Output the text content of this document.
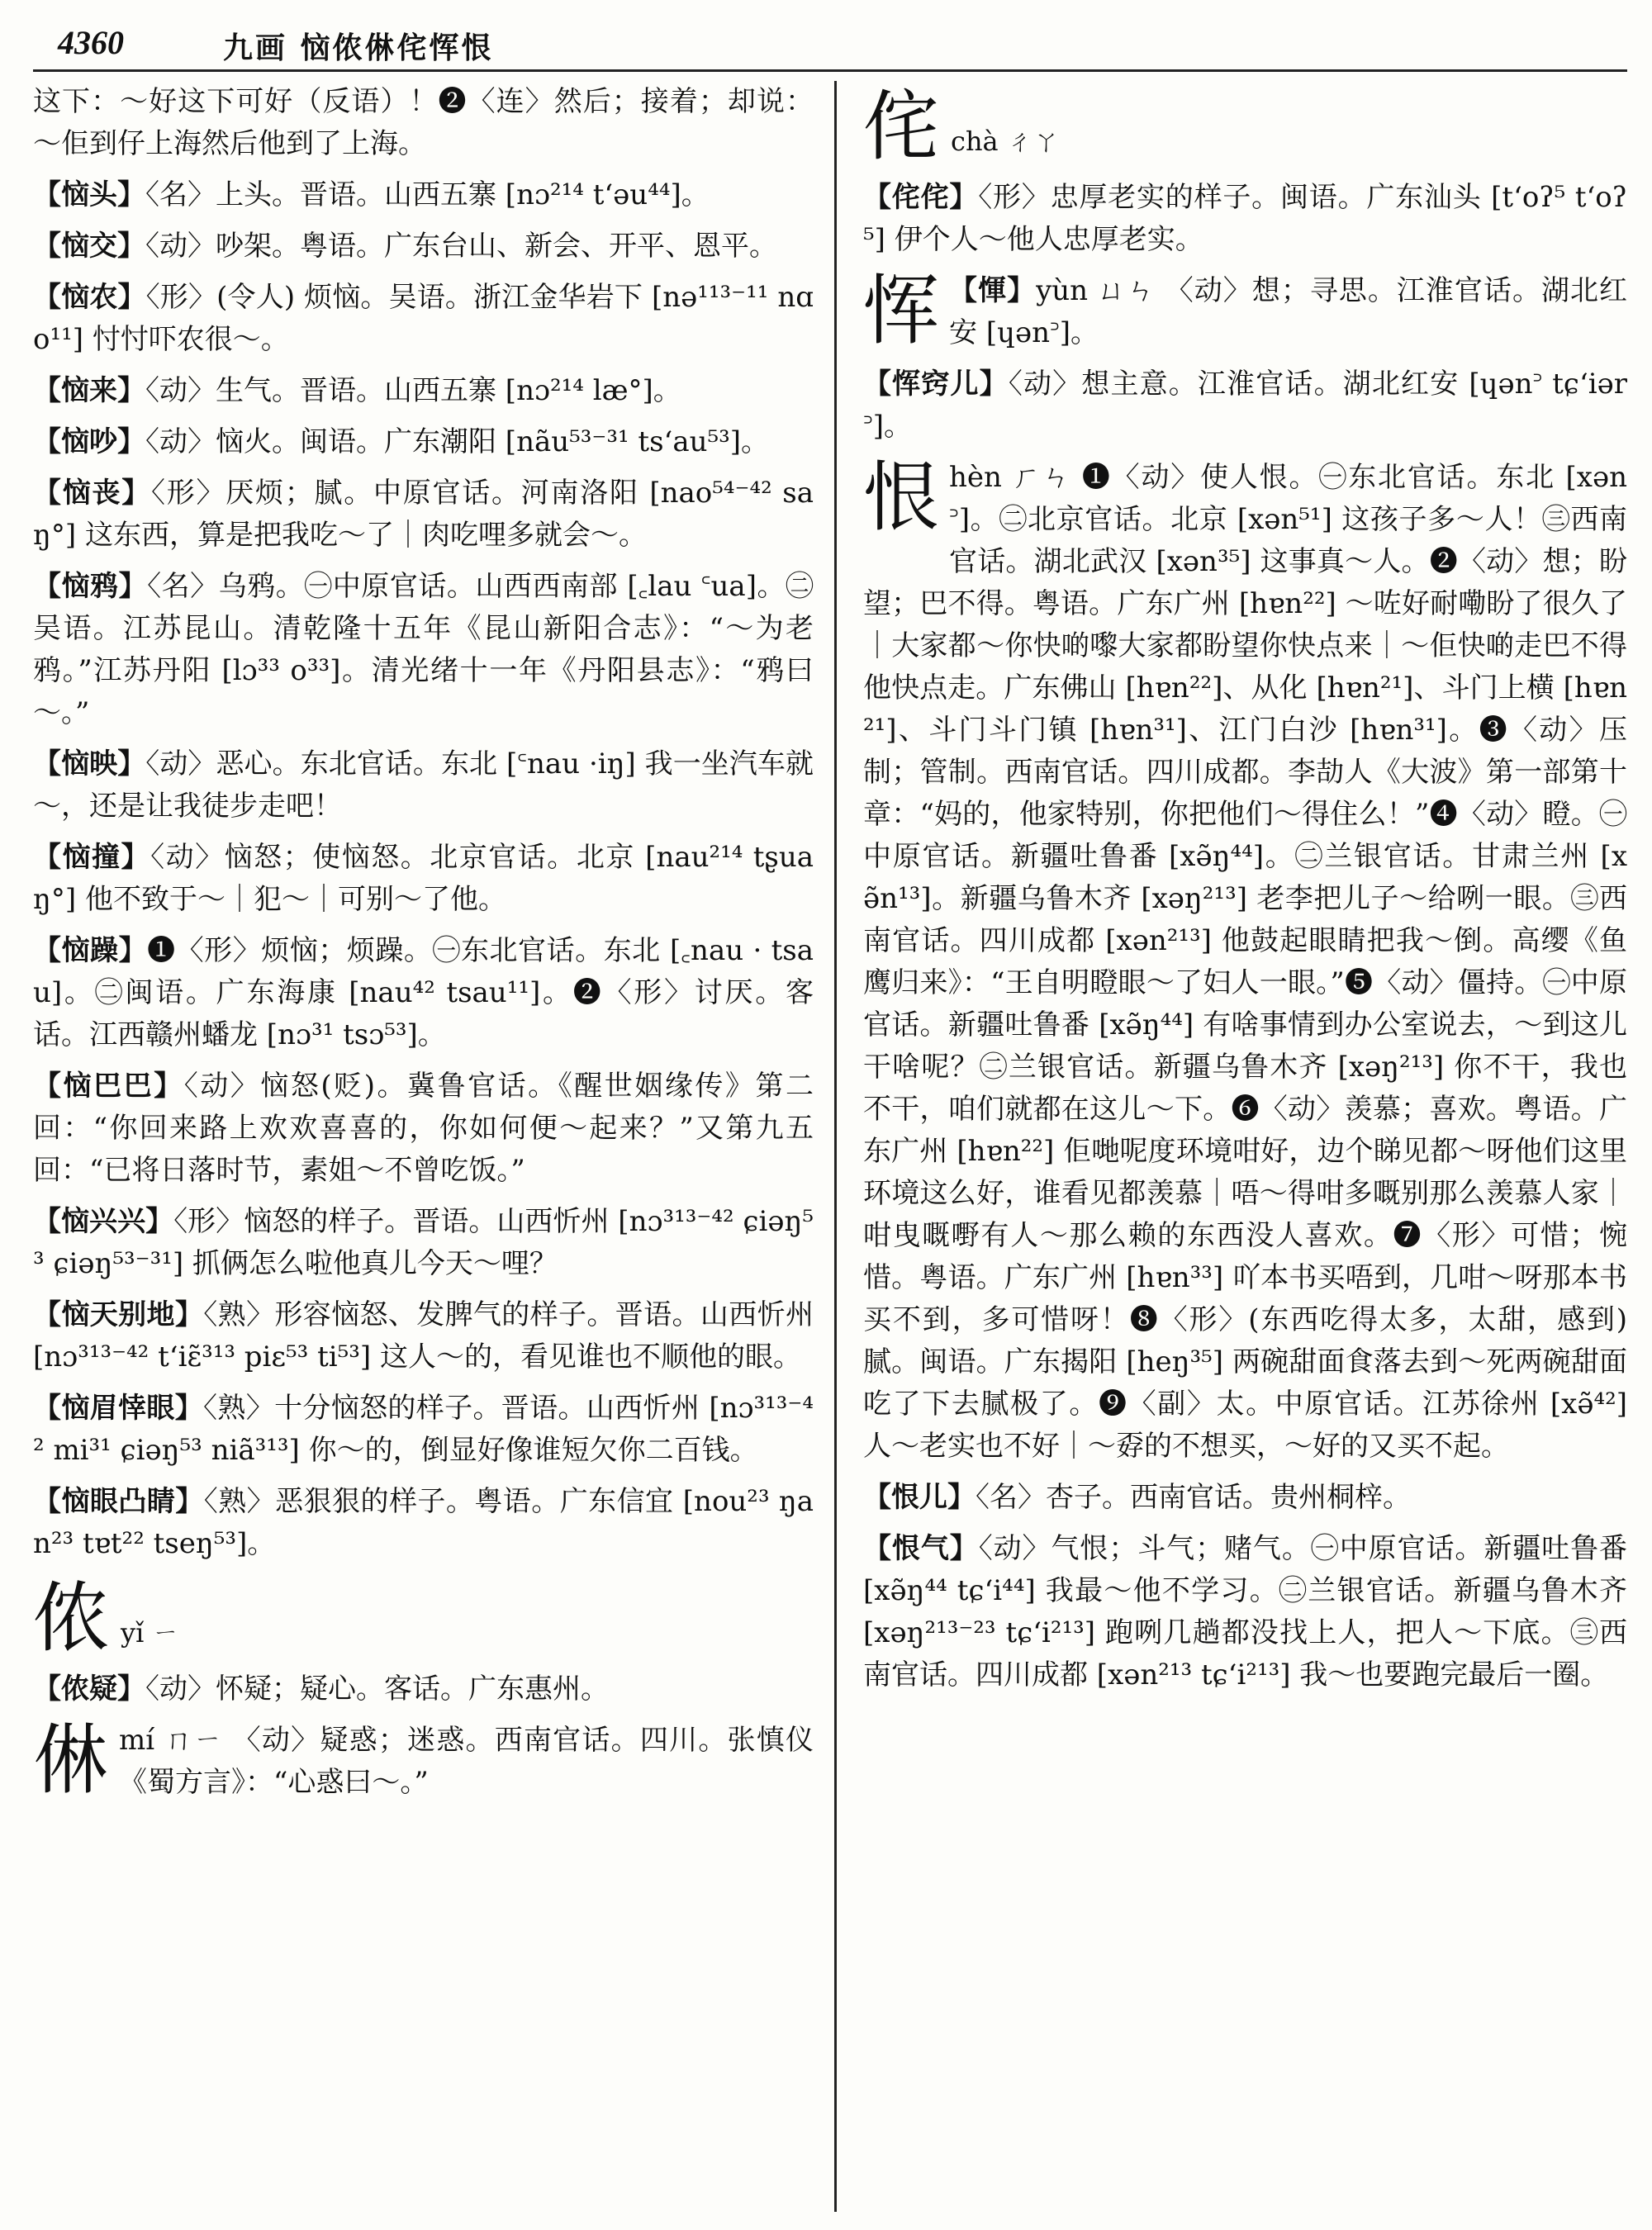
4360	九画 恼侬㑣侘恽恨
这下：～好这下可好（反语）！❷〈连〉然后；接着；却说：～佢到仔上海然后他到了上海。
【恼头】〈名〉上头。晋语。山西五寨 [nɔ²¹⁴ tʻəu⁴⁴]。
【恼交】〈动〉吵架。粤语。广东台山、新会、开平、恩平。
【恼农】〈形〉(令人) 烦恼。吴语。浙江金华岩下 [nə¹¹³⁻¹¹ nɑo¹¹] 忖忖吓农很～。
【恼来】〈动〉生气。晋语。山西五寨 [nɔ²¹⁴ læ°]。
【恼吵】〈动〉恼火。闽语。广东潮阳 [nãu⁵³⁻³¹ tsʻau⁵³]。
【恼丧】〈形〉厌烦；腻。中原官话。河南洛阳 [nao⁵⁴⁻⁴² saŋ°] 这东西，算是把我吃～了｜肉吃哩多就会～。
【恼鸦】〈名〉乌鸦。㊀中原官话。山西西南部 [꜀lau ꜂ua]。㊁吴语。江苏昆山。清乾隆十五年《昆山新阳合志》：“～为老鸦。”江苏丹阳 [lɔ³³ o³³]。清光绪十一年《丹阳县志》：“鸦曰～。”
【恼映】〈动〉恶心。东北官话。东北 [꜂nau ·iŋ] 我一坐汽车就～，还是让我徒步走吧！
【恼撞】〈动〉恼怒；使恼怒。北京官话。北京 [nau²¹⁴ tʂuaŋ°] 他不致于～｜犯～｜可别～了他。
【恼躁】❶〈形〉烦恼；烦躁。㊀东北官话。东北 [꜀nau · tsau]。㊁闽语。广东海康 [nau⁴² tsau¹¹]。❷〈形〉讨厌。客话。江西赣州蟠龙 [nɔ³¹ tsɔ⁵³]。
【恼巴巴】〈动〉恼怒(贬)。冀鲁官话。《醒世姻缘传》第二回：“你回来路上欢欢喜喜的，你如何便～起来？”又第九五回：“已将日落时节，素姐～不曾吃饭。”
【恼兴兴】〈形〉恼怒的样子。晋语。山西忻州 [nɔ³¹³⁻⁴² ɕiəŋ⁵³ ɕiəŋ⁵³⁻³¹] 抓俩怎么啦他真儿今天～哩？
【恼天别地】〈熟〉形容恼怒、发脾气的样子。晋语。山西忻州 [nɔ³¹³⁻⁴² tʻiɛ̃³¹³ piɛ⁵³ ti⁵³] 这人～的，看见谁也不顺他的眼。
【恼眉悻眼】〈熟〉十分恼怒的样子。晋语。山西忻州 [nɔ³¹³⁻⁴² mi³¹ ɕiəŋ⁵³ niã³¹³] 你～的，倒显好像谁短欠你二百钱。
【恼眼凸睛】〈熟〉恶狠狠的样子。粤语。广东信宜 [nou²³ ŋan²³ tɐt²² tseŋ⁵³]。
侬 yǐ ㄧ
【侬疑】〈动〉怀疑；疑心。客话。广东惠州。
㑣 mí ㄇㄧ 〈动〉疑惑；迷惑。西南官话。四川。张慎仪《蜀方言》：“心惑曰～。”
侘 chà ㄔㄚ
【侘侘】〈形〉忠厚老实的样子。闽语。广东汕头 [tʻoʔ⁵ tʻoʔ⁵] 伊个人～他人忠厚老实。
恽 【惲】yùn ㄩㄣ 〈动〉想；寻思。江淮官话。湖北红安 [ɥən꜄]。
【恽窍儿】〈动〉想主意。江淮官话。湖北红安 [ɥən꜄ tɕʻiər꜄]。
恨 hèn ㄏㄣ ❶〈动〉使人恨。㊀东北官话。东北 [xən꜄]。㊁北京官话。北京 [xən⁵¹] 这孩子多～人！㊂西南官话。湖北武汉 [xən³⁵] 这事真～人。❷〈动〉想；盼望；巴不得。粤语。广东广州 [hɐn²²] ～咗好耐嘞盼了很久了｜大家都～你快啲嚟大家都盼望你快点来｜～佢快啲走巴不得他快点走。广东佛山 [hɐn²²]、从化 [hɐn²¹]、斗门上横 [hɐn²¹]、斗门斗门镇 [hɐn³¹]、江门白沙 [hɐn³¹]。❸〈动〉压制；管制。西南官话。四川成都。李劼人《大波》第一部第十章：“妈的，他家特别，你把他们～得住么！”❹〈动〉瞪。㊀中原官话。新疆吐鲁番 [xə̃ŋ⁴⁴]。㊁兰银官话。甘肃兰州 [xə̃n¹³]。新疆乌鲁木齐 [xəŋ²¹³] 老李把儿子～给咧一眼。㊂西南官话。四川成都 [xən²¹³] 他鼓起眼睛把我～倒。高缨《鱼鹰归来》：“王自明瞪眼～了妇人一眼。”❺〈动〉僵持。㊀中原官话。新疆吐鲁番 [xə̃ŋ⁴⁴] 有啥事情到办公室说去，～到这儿干啥呢？㊁兰银官话。新疆乌鲁木齐 [xəŋ²¹³] 你不干，我也不干，咱们就都在这儿～下。❻〈动〉羡慕；喜欢。粤语。广东广州 [hɐn²²] 佢哋呢度环境咁好，边个睇见都～呀他们这里环境这么好，谁看见都羡慕｜唔～得咁多嘅别那么羡慕人家｜咁曳嘅嘢有人～那么赖的东西没人喜欢。❼〈形〉可惜；惋惜。粤语。广东广州 [hɐn³³] 吖本书买唔到，几咁～呀那本书买不到，多可惜呀！❽〈形〉(东西吃得太多，太甜，感到) 腻。闽语。广东揭阳 [heŋ³⁵] 两碗甜面食落去到～死两碗甜面吃了下去腻极了。❾〈副〉太。中原官话。江苏徐州 [xə̃⁴²] 人～老实也不好｜～孬的不想买，～好的又买不起。
【恨儿】〈名〉杏子。西南官话。贵州桐梓。
【恨气】〈动〉气恨；斗气；赌气。㊀中原官话。新疆吐鲁番 [xə̃ŋ⁴⁴ tɕʻi⁴⁴] 我最～他不学习。㊁兰银官话。新疆乌鲁木齐 [xəŋ²¹³⁻²³ tɕʻi²¹³] 跑咧几趟都没找上人，把人～下底。㊂西南官话。四川成都 [xən²¹³ tɕʻi²¹³] 我～也要跑完最后一圈。
